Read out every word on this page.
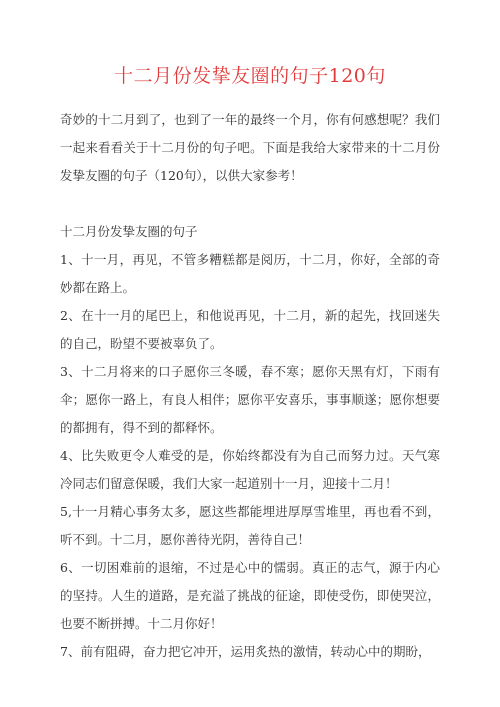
十二月份发挚友圈的句子120句

奇妙的十二月到了，也到了一年的最终一个月，你有何感想呢？我们一起来看看关于十二月份的句子吧。下面是我给大家带来的十二月份发挚友圈的句子（120句），以供大家参考！

十二月份发挚友圈的句子

1、十一月，再见，不管多糟糕都是阅历，十二月，你好，全部的奇妙都在路上。

2、在十一月的尾巴上，和他说再见，十二月，新的起先，找回迷失的自己，盼望不要被辜负了。

3、十二月将来的口子愿你三冬暖，春不寒；愿你天黑有灯，下雨有伞；愿你一路上，有良人相伴；愿你平安喜乐，事事顺遂；愿你想要的都拥有，得不到的都释怀。

4、比失败更令人难受的是，你始终都没有为自己而努力过。天气寒冷同志们留意保暖，我们大家一起道别十一月，迎接十二月！

5,十一月精心事务太多，愿这些都能埋进厚厚雪堆里，再也看不到，听不到。十二月，愿你善待光阴，善待自己！

6、一切困难前的退缩，不过是心中的懦弱。真正的志气，源于内心的坚持。人生的道路，是充溢了挑战的征途，即使受伤，即使哭泣，也要不断拼搏。十二月你好！

7、前有阻碍，奋力把它冲开，运用炙热的激情，转动心中的期盼，
